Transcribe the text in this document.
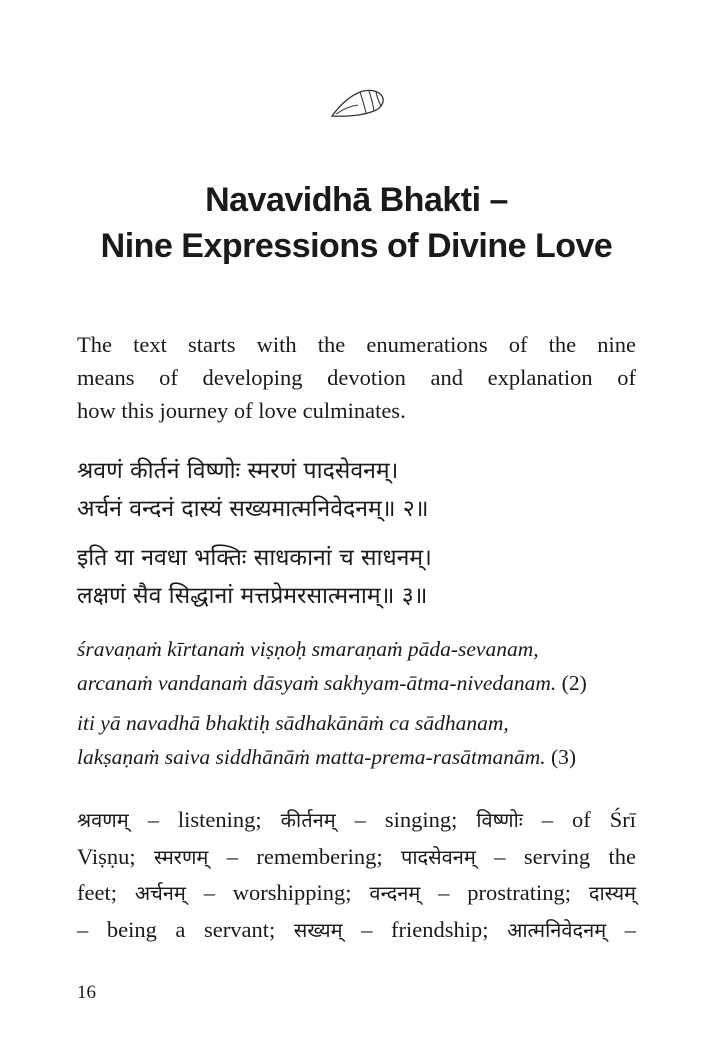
Navavidhā Bhakti –
Nine Expressions of Divine Love

The text starts with the enumerations of the nine
means of developing devotion and explanation of
how this journey of love culminates.

श्रवणं कीर्तनं विष्णोः स्मरणं पादसेवनम्।
अर्चनं वन्दनं दास्यं सख्यमात्मनिवेदनम्॥ २॥
इति या नवधा भक्तिः साधकानां च साधनम्।
लक्षणं सैव सिद्धानां मत्तप्रेमरसात्मनाम्॥ ३॥
śravaṇaṁ kīrtanaṁ viṣṇoḥ smaraṇaṁ pāda-sevanam,
arcanaṁ vandanaṁ dāsyaṁ sakhyam-ātma-nivedanam. (2)
iti yā navadhā bhaktiḥ sādhakānāṁ ca sādhanam,
lakṣaṇaṁ saiva siddhānāṁ matta-prema-rasātmanām. (3)
श्रवणम् – listening; कीर्तनम् – singing; विष्णोः – of Śrī
Viṣṇu; स्मरणम् – remembering; पादसेवनम् – serving the
feet; अर्चनम् – worshipping; वन्दनम् – prostrating; दास्यम्
– being a servant; सख्यम् – friendship; आत्मनिवेदनम् –
16
